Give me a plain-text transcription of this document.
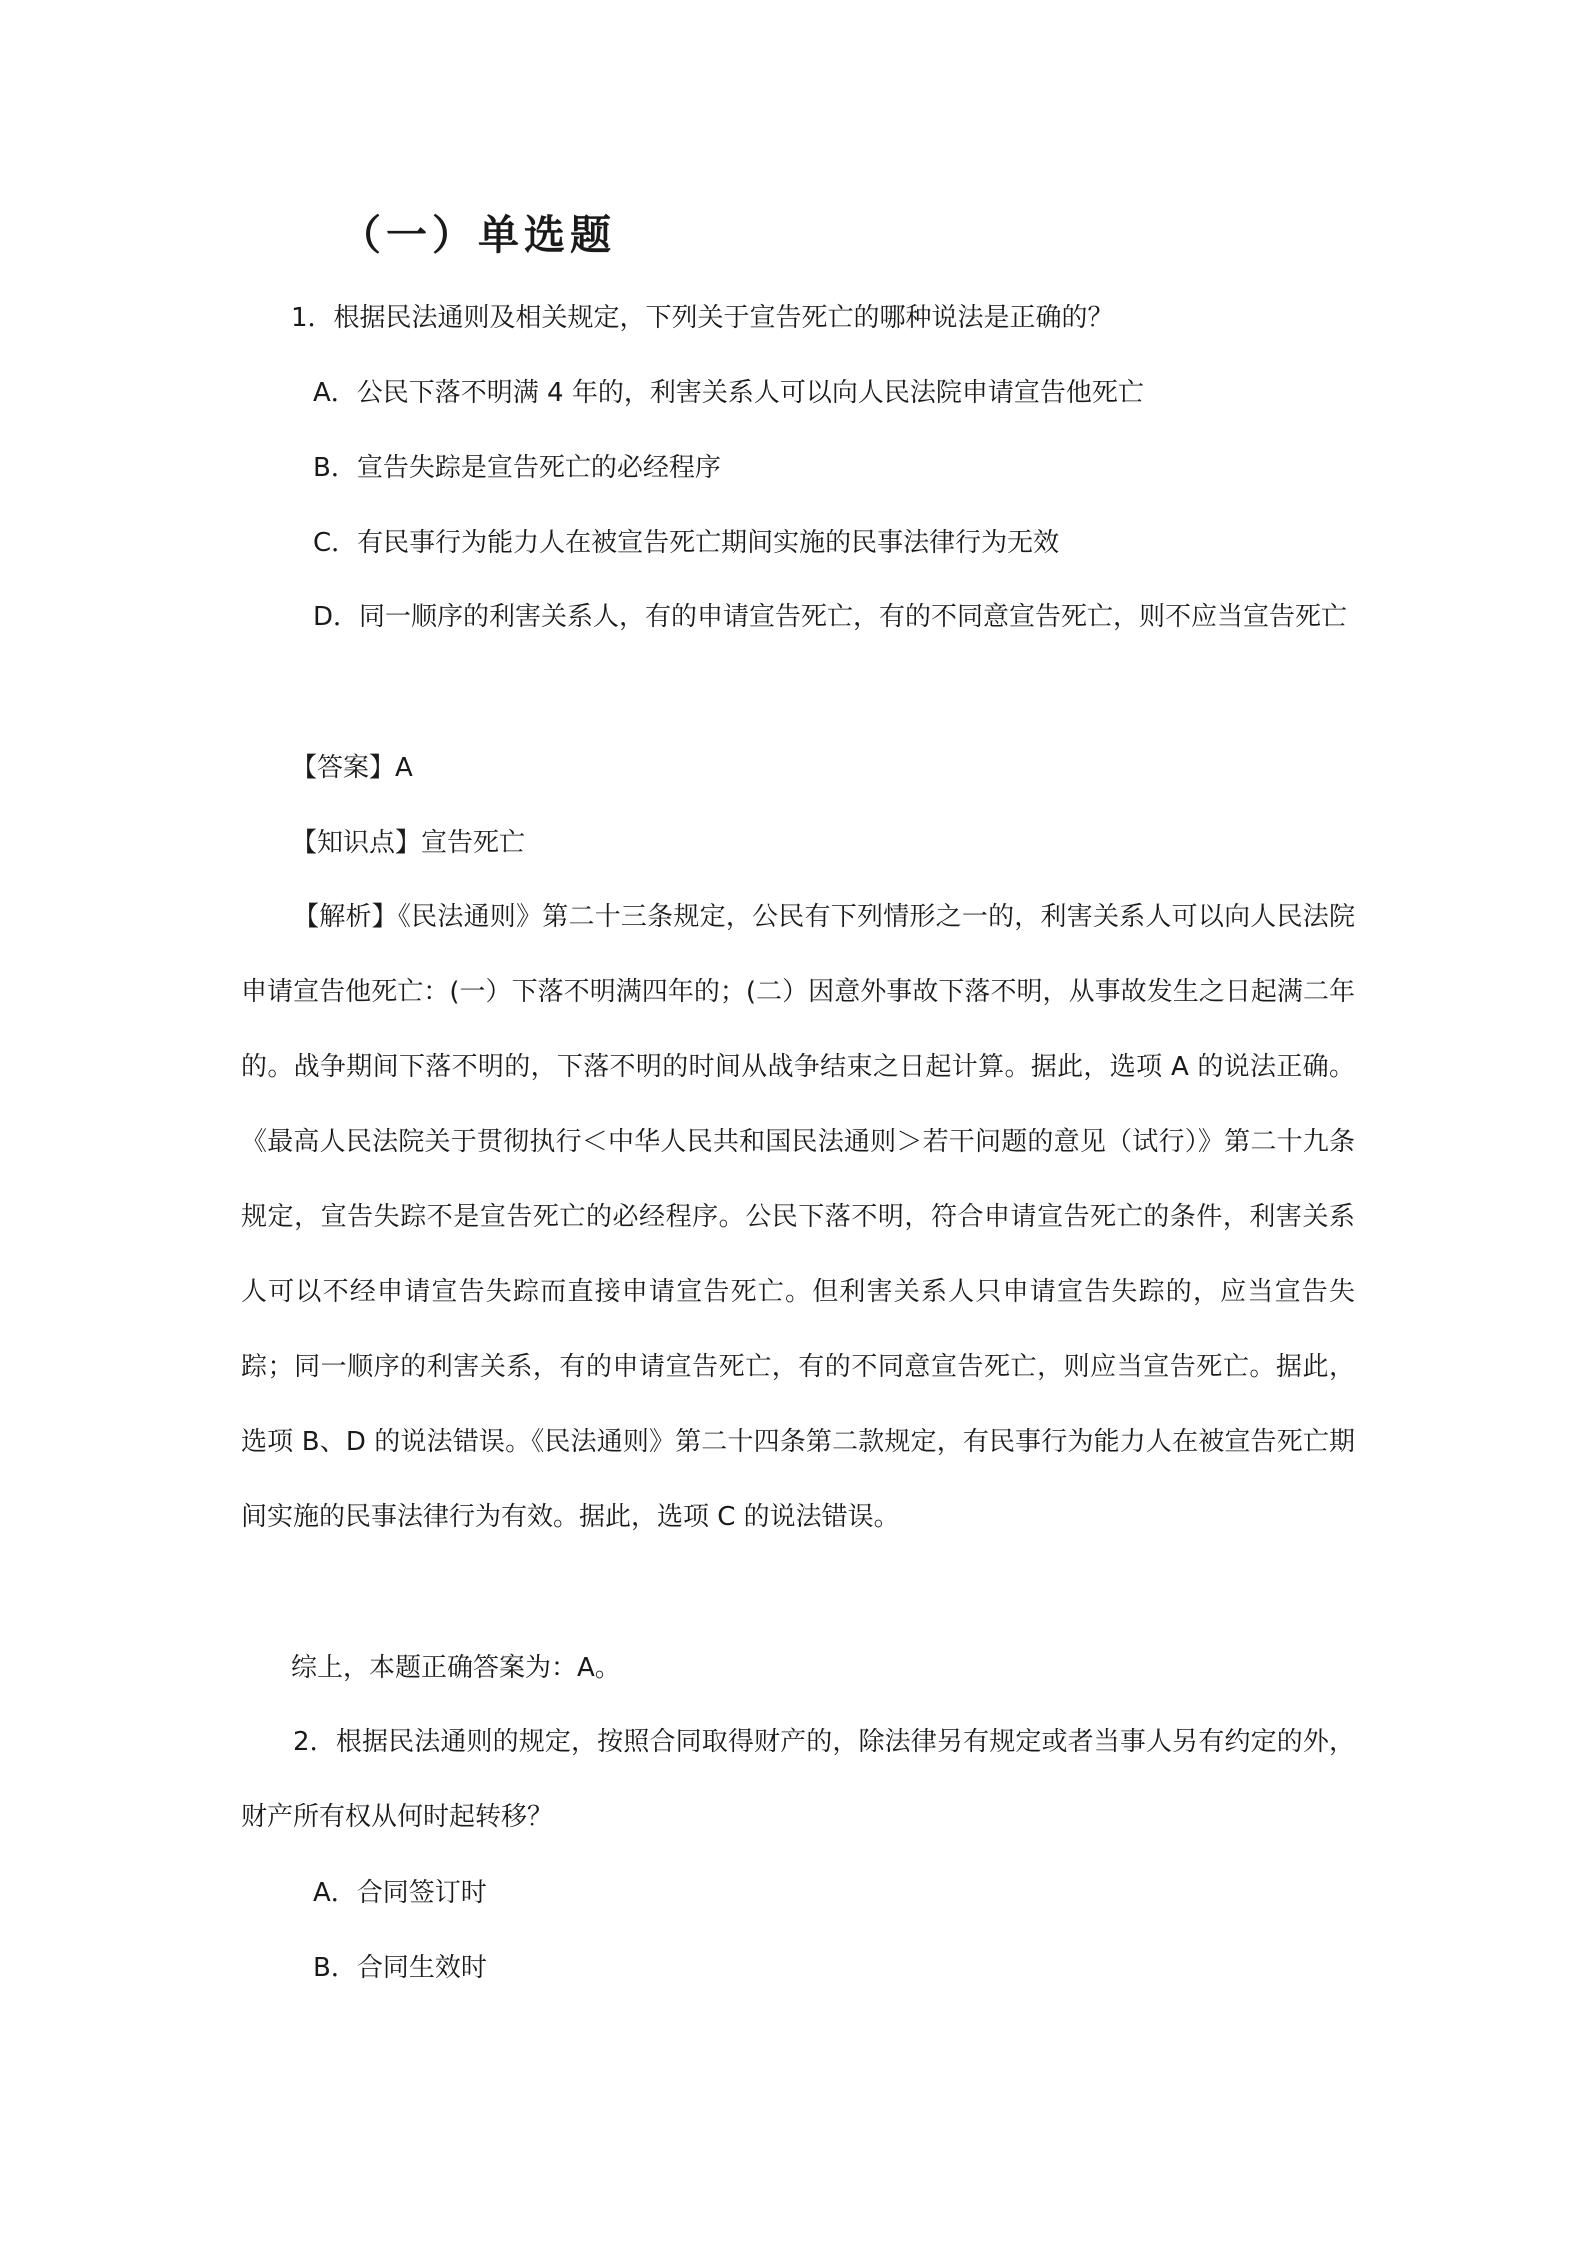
（一）单选题

1．根据民法通则及相关规定，下列关于宣告死亡的哪种说法是正确的？

A．公民下落不明满 4 年的，利害关系人可以向人民法院申请宣告他死亡

B．宣告失踪是宣告死亡的必经程序

C．有民事行为能力人在被宣告死亡期间实施的民事法律行为无效

D．同一顺序的利害关系人，有的申请宣告死亡，有的不同意宣告死亡，则不应当宣告死亡

【答案】A

【知识点】宣告死亡

【解析】《民法通则》第二十三条规定，公民有下列情形之一的，利害关系人可以向人民法院申请宣告他死亡：(一）下落不明满四年的；(二）因意外事故下落不明，从事故发生之日起满二年的。战争期间下落不明的，下落不明的时间从战争结束之日起计算。据此，选项 A 的说法正确。《最高人民法院关于贯彻执行＜中华人民共和国民法通则＞若干问题的意见（试行）》第二十九条规定，宣告失踪不是宣告死亡的必经程序。公民下落不明，符合申请宣告死亡的条件，利害关系人可以不经申请宣告失踪而直接申请宣告死亡。但利害关系人只申请宣告失踪的，应当宣告失踪；同一顺序的利害关系，有的申请宣告死亡，有的不同意宣告死亡，则应当宣告死亡。据此，选项 B、D 的说法错误。《民法通则》第二十四条第二款规定，有民事行为能力人在被宣告死亡期间实施的民事法律行为有效。据此，选项 C 的说法错误。

综上，本题正确答案为：A。

2．根据民法通则的规定，按照合同取得财产的，除法律另有规定或者当事人另有约定的外，财产所有权从何时起转移？

A．合同签订时

B．合同生效时
